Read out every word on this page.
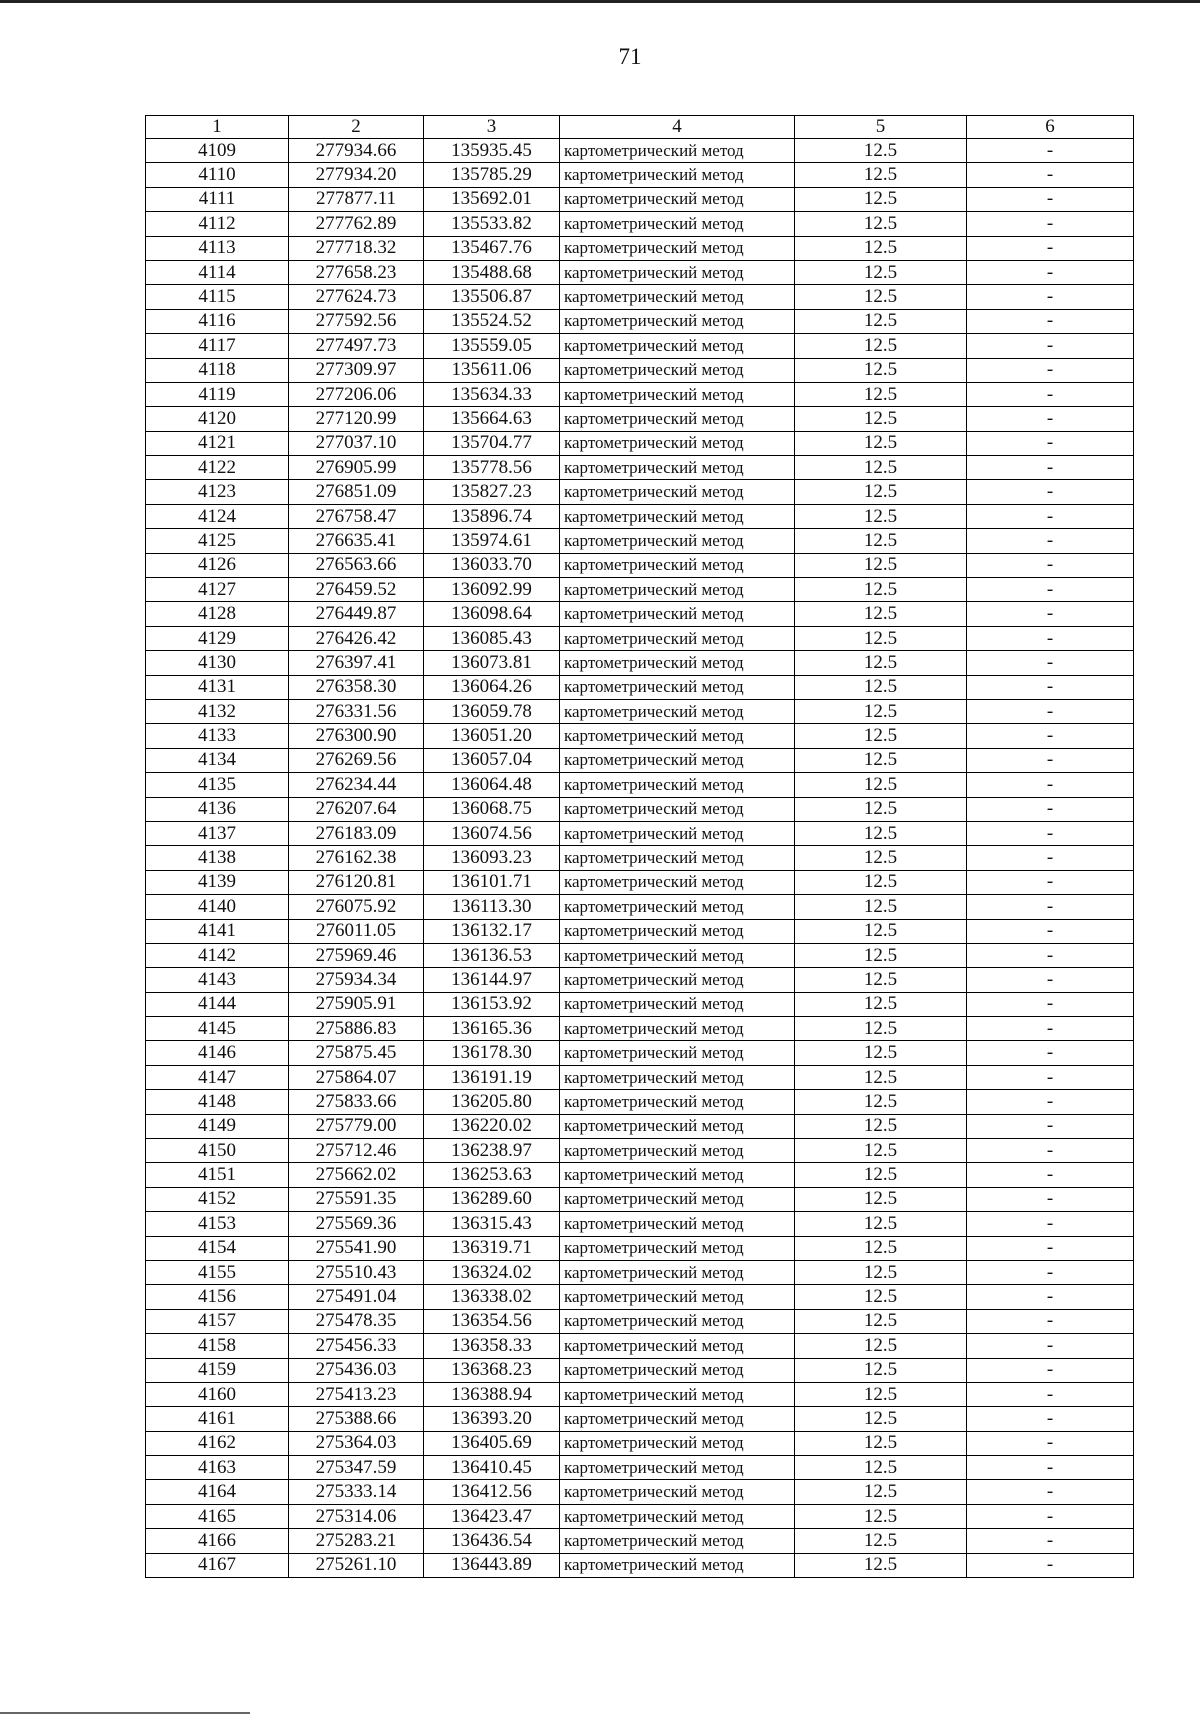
71
1	2	3	4	5	6
4109	277934.66	135935.45	картометрический метод	12.5	-
4110	277934.20	135785.29	картометрический метод	12.5	-
4111	277877.11	135692.01	картометрический метод	12.5	-
4112	277762.89	135533.82	картометрический метод	12.5	-
4113	277718.32	135467.76	картометрический метод	12.5	-
4114	277658.23	135488.68	картометрический метод	12.5	-
4115	277624.73	135506.87	картометрический метод	12.5	-
4116	277592.56	135524.52	картометрический метод	12.5	-
4117	277497.73	135559.05	картометрический метод	12.5	-
4118	277309.97	135611.06	картометрический метод	12.5	-
4119	277206.06	135634.33	картометрический метод	12.5	-
4120	277120.99	135664.63	картометрический метод	12.5	-
4121	277037.10	135704.77	картометрический метод	12.5	-
4122	276905.99	135778.56	картометрический метод	12.5	-
4123	276851.09	135827.23	картометрический метод	12.5	-
4124	276758.47	135896.74	картометрический метод	12.5	-
4125	276635.41	135974.61	картометрический метод	12.5	-
4126	276563.66	136033.70	картометрический метод	12.5	-
4127	276459.52	136092.99	картометрический метод	12.5	-
4128	276449.87	136098.64	картометрический метод	12.5	-
4129	276426.42	136085.43	картометрический метод	12.5	-
4130	276397.41	136073.81	картометрический метод	12.5	-
4131	276358.30	136064.26	картометрический метод	12.5	-
4132	276331.56	136059.78	картометрический метод	12.5	-
4133	276300.90	136051.20	картометрический метод	12.5	-
4134	276269.56	136057.04	картометрический метод	12.5	-
4135	276234.44	136064.48	картометрический метод	12.5	-
4136	276207.64	136068.75	картометрический метод	12.5	-
4137	276183.09	136074.56	картометрический метод	12.5	-
4138	276162.38	136093.23	картометрический метод	12.5	-
4139	276120.81	136101.71	картометрический метод	12.5	-
4140	276075.92	136113.30	картометрический метод	12.5	-
4141	276011.05	136132.17	картометрический метод	12.5	-
4142	275969.46	136136.53	картометрический метод	12.5	-
4143	275934.34	136144.97	картометрический метод	12.5	-
4144	275905.91	136153.92	картометрический метод	12.5	-
4145	275886.83	136165.36	картометрический метод	12.5	-
4146	275875.45	136178.30	картометрический метод	12.5	-
4147	275864.07	136191.19	картометрический метод	12.5	-
4148	275833.66	136205.80	картометрический метод	12.5	-
4149	275779.00	136220.02	картометрический метод	12.5	-
4150	275712.46	136238.97	картометрический метод	12.5	-
4151	275662.02	136253.63	картометрический метод	12.5	-
4152	275591.35	136289.60	картометрический метод	12.5	-
4153	275569.36	136315.43	картометрический метод	12.5	-
4154	275541.90	136319.71	картометрический метод	12.5	-
4155	275510.43	136324.02	картометрический метод	12.5	-
4156	275491.04	136338.02	картометрический метод	12.5	-
4157	275478.35	136354.56	картометрический метод	12.5	-
4158	275456.33	136358.33	картометрический метод	12.5	-
4159	275436.03	136368.23	картометрический метод	12.5	-
4160	275413.23	136388.94	картометрический метод	12.5	-
4161	275388.66	136393.20	картометрический метод	12.5	-
4162	275364.03	136405.69	картометрический метод	12.5	-
4163	275347.59	136410.45	картометрический метод	12.5	-
4164	275333.14	136412.56	картометрический метод	12.5	-
4165	275314.06	136423.47	картометрический метод	12.5	-
4166	275283.21	136436.54	картометрический метод	12.5	-
4167	275261.10	136443.89	картометрический метод	12.5	-
